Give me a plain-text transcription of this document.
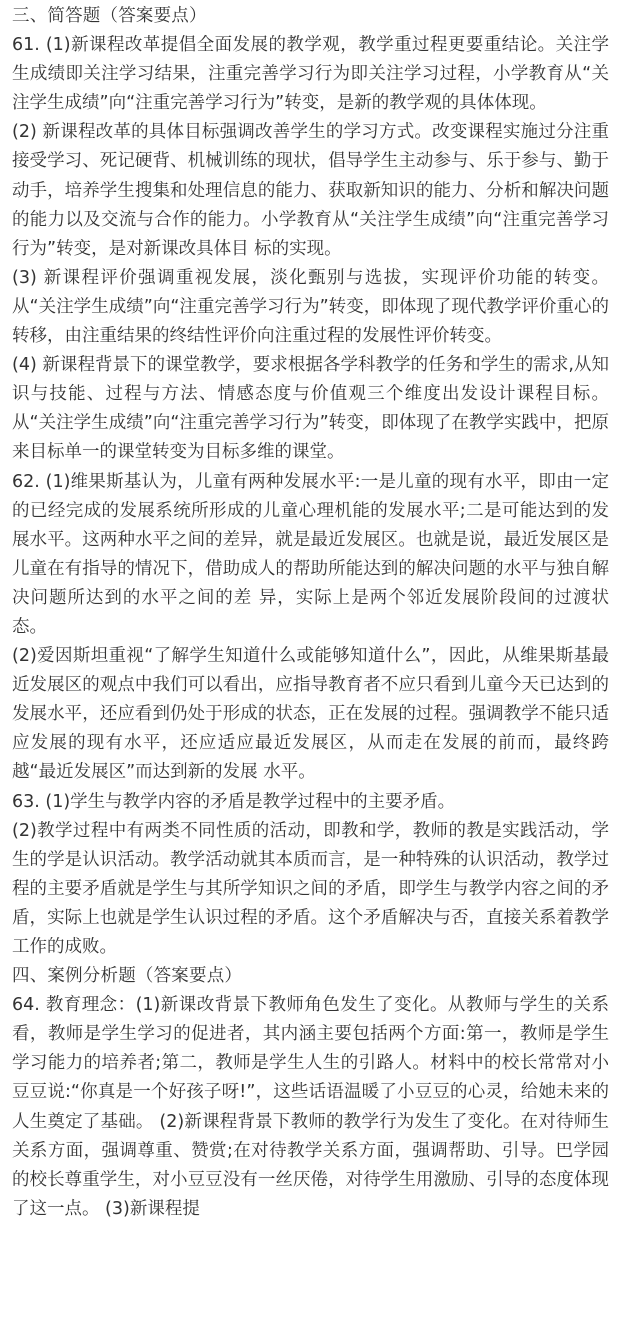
三、简答题（答案要点）

61. (1)新课程改革提倡全面发展的教学观，教学重过程更要重结论。关注学生成绩即关注学习结果，注重完善学习行为即关注学习过程，小学教育从“关注学生成绩”向“注重完善学习行为”转变，是新的教学观的具体体现。

(2) 新课程改革的具体目标强调改善学生的学习方式。改变课程实施过分注重接受学习、死记硬背、机械训练的现状，倡导学生主动参与、乐于参与、勤于动手，培养学生搜集和处理信息的能力、获取新知识的能力、分析和解决问题的能力以及交流与合作的能力。小学教育从“关注学生成绩”向“注重完善学习行为”转变，是对新课改具体目 标的实现。

(3) 新课程评价强调重视发展，淡化甄别与选拔，实现评价功能的转变。从“关注学生成绩”向“注重完善学习行为”转变，即体现了现代教学评价重心的转移，由注重结果的终结性评价向注重过程的发展性评价转变。

(4) 新课程背景下的课堂教学，要求根据各学科教学的任务和学生的需求,从知识与技能、过程与方法、情感态度与价值观三个维度出发设计课程目标。从“关注学生成绩”向“注重完善学习行为”转变，即体现了在教学实践中，把原来目标单一的课堂转变为目标多维的课堂。

62. (1)维果斯基认为，儿童有两种发展水平:一是儿童的现有水平，即由一定的已经完成的发展系统所形成的儿童心理机能的发展水平;二是可能达到的发展水平。这两种水平之间的差异，就是最近发展区。也就是说，最近发展区是儿童在有指导的情况下，借助成人的帮助所能达到的解决问题的水平与独自解决问题所达到的水平之间的差 异，实际上是两个邻近发展阶段间的过渡状态。

(2)爱因斯坦重视“了解学生知道什么或能够知道什么”，因此，从维果斯基最近发展区的观点中我们可以看出，应指导教育者不应只看到儿童今天已达到的发展水平，还应看到仍处于形成的状态，正在发展的过程。强调教学不能只适应发展的现有水平，还应适应最近发展区，从而走在发展的前而，最终跨越“最近发展区”而达到新的发展 水平。

63. (1)学生与教学内容的矛盾是教学过程中的主要矛盾。

(2)教学过程中有两类不同性质的活动，即教和学，教师的教是实践活动，学生的学是认识活动。教学活动就其本质而言，是一种特殊的认识活动，教学过程的主要矛盾就是学生与其所学知识之间的矛盾，即学生与教学内容之间的矛盾，实际上也就是学生认识过程的矛盾。这个矛盾解决与否，直接关系着教学工作的成败。

四、案例分析题（答案要点）

64. 教育理念：(1)新课改背景下教师角色发生了变化。从教师与学生的关系看，教师是学生学习的促进者，其内涵主要包括两个方面:第一，教师是学生学习能力的培养者;第二，教师是学生人生的引路人。材料中的校长常常对小豆豆说:“你真是一个好孩子呀!”，这些话语温暖了小豆豆的心灵，给她未来的人生奠定了基础。 (2)新课程背景下教师的教学行为发生了变化。在对待师生关系方面，强调尊重、赞赏;在对待教学关系方面，强调帮助、引导。巴学园的校长尊重学生，对小豆豆没有一丝厌倦，对待学生用激励、引导的态度体现了这一点。 (3)新课程提
